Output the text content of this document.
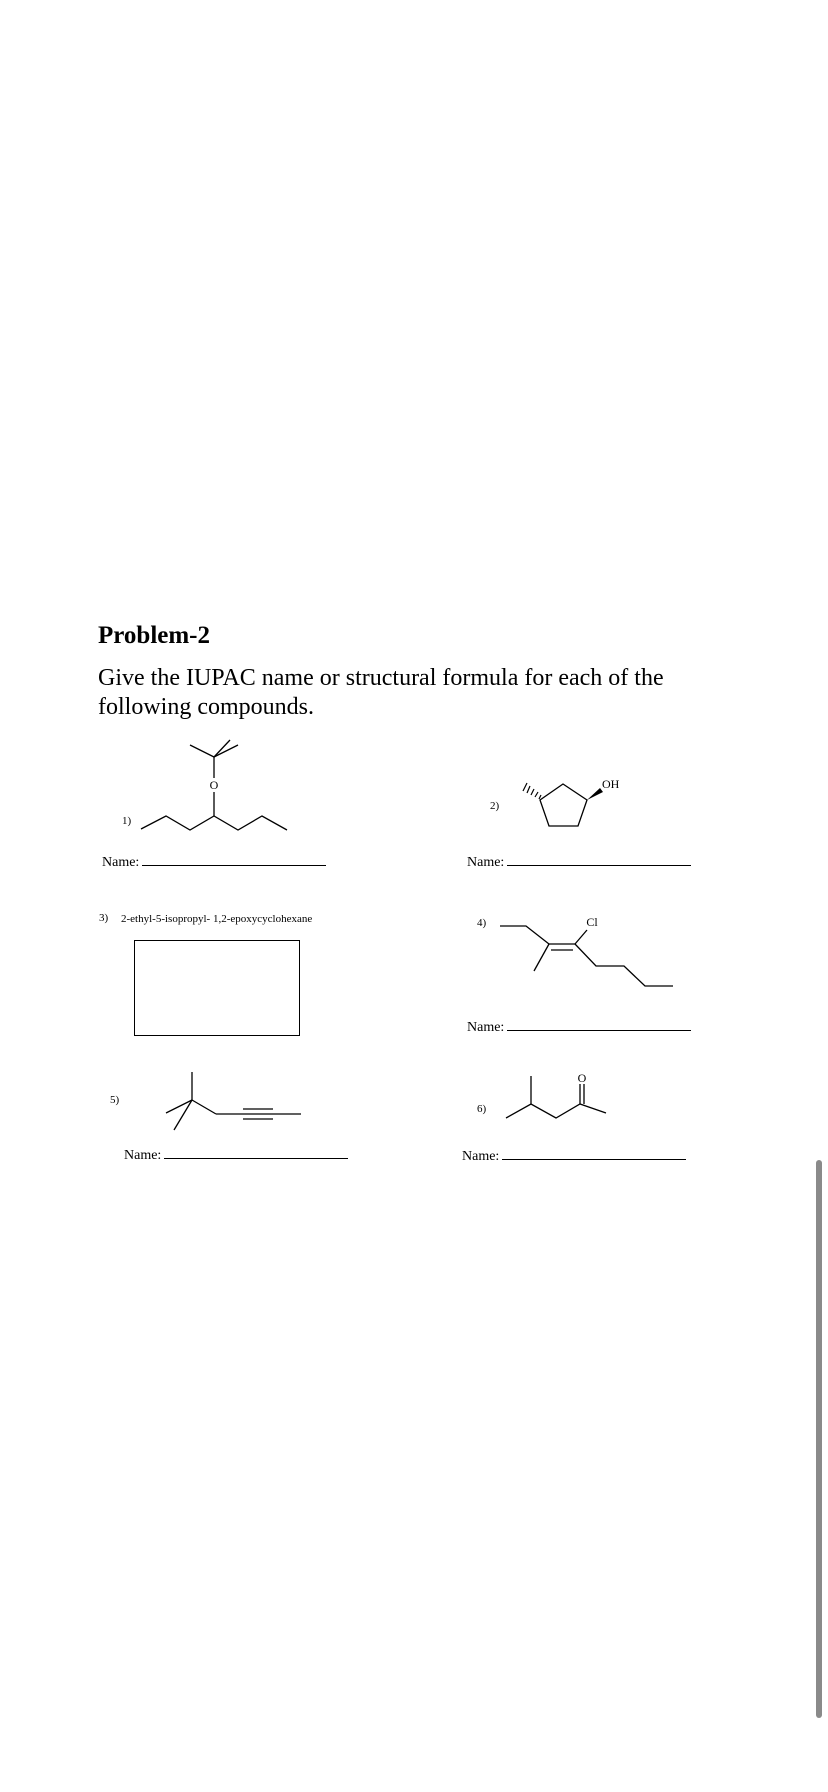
Problem-2
Give the IUPAC name or structural formula for each of the following compounds.
1)
O
Name:
2)
OH
Name:
3) 2-ethyl-5-isopropyl- 1,2-epoxycyclohexane	4)	Cl
Name:
5)
Name:
6)
O
Name:
